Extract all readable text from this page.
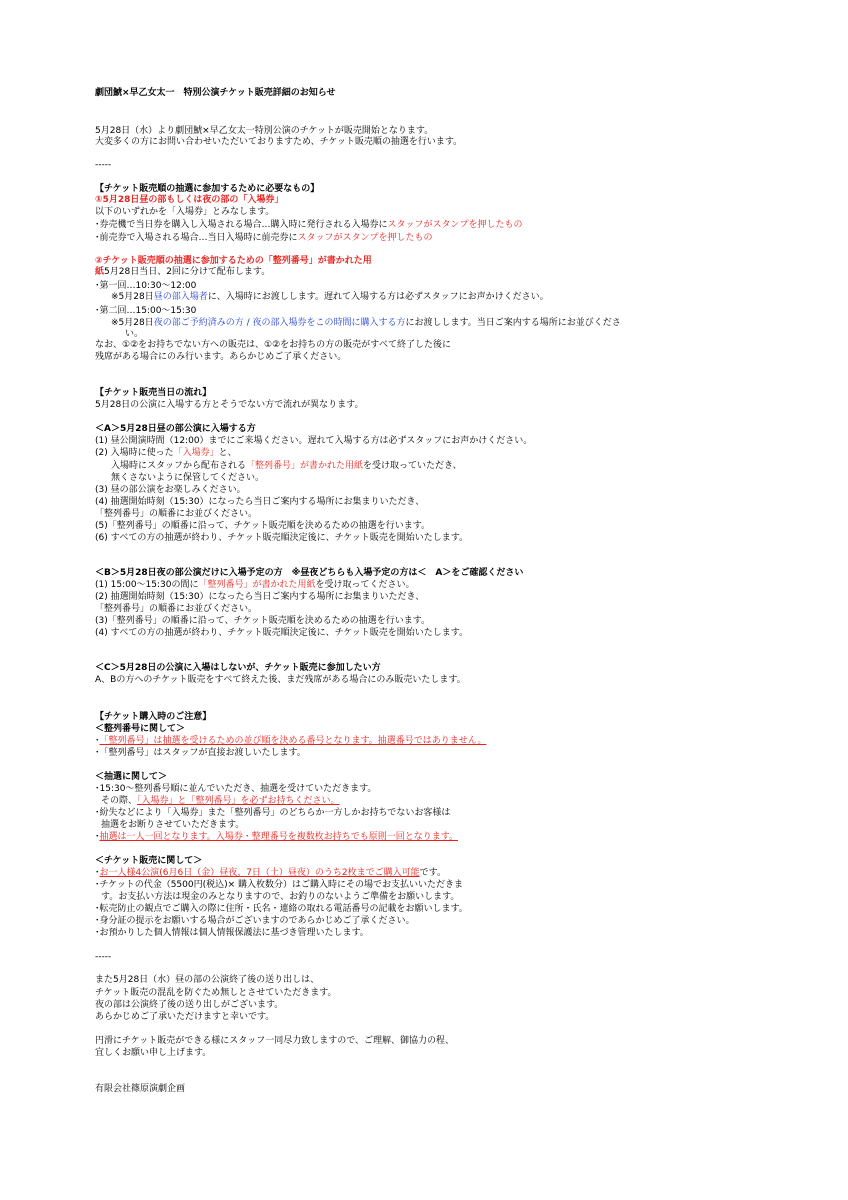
劇団鯱×早乙女太一　特別公演チケット販売詳細のお知らせ
5月28日（水）より劇団鯱×早乙女太一特別公演のチケットが販売開始となります。
大変多くの方にお問い合わせいただいておりますため、チケット販売順の抽選を行います。
-----
【チケット販売順の抽選に参加するために必要なもの】
①5月28日昼の部もしくは夜の部の「入場券」
以下のいずれかを「入場券」とみなします。
･券売機で当日券を購入し入場される場合…購入時に発行される入場券にスタッフがスタンプを押したもの
･前売券で入場される場合…当日入場時に前売券にスタッフがスタンプを押したもの
②チケット販売順の抽選に参加するための「整列番号」が書かれた用
紙5月28日当日、2回に分けて配布します。
･第一回…10:30～12:00
※5月28日昼の部入場者に、入場時にお渡しします。遅れて入場する方は必ずスタッフにお声かけください。
･第二回…15:00～15:30
※5月28日夜の部ご予約済みの方 / 夜の部入場券をこの時間に購入する方にお渡しします。当日ご案内する場所にお並びくださ
い。
なお、①②をお持ちでない方への販売は、①②をお持ちの方の販売がすべて終了した後に
残席がある場合にのみ行います。あらかじめご了承ください。
【チケット販売当日の流れ】
5月28日の公演に入場する方とそうでない方で流れが異なります。
＜A＞5月28日昼の部公演に入場する方
(1) 昼公開演時間（12:00）までにご来場ください。遅れて入場する方は必ずスタッフにお声かけください。
(2) 入場時に使った「入場券」と、
入場時にスタッフから配布される「整列番号」が書かれた用紙を受け取っていただき、
無くさないように保管してください。
(3) 昼の部公演をお楽しみください。
(4) 抽選開始時刻（15:30）になったら当日ご案内する場所にお集まりいただき、
「整列番号」の順番にお並びください。
(5)「整列番号」の順番に沿って、チケット販売順を決めるための抽選を行います。
(6) すべての方の抽選が終わり、チケット販売順決定後に、チケット販売を開始いたします。
＜B＞5月28日夜の部公演だけに入場予定の方　※昼夜どちらも入場予定の方は＜　A＞をご確認ください
(1) 15:00～15:30の間に「整列番号」が書かれた用紙を受け取ってください。
(2) 抽選開始時刻（15:30）になったら当日ご案内する場所にお集まりいただき、
「整列番号」の順番にお並びください。
(3)「整列番号」の順番に沿って、チケット販売順を決めるための抽選を行います。
(4) すべての方の抽選が終わり、チケット販売順決定後に、チケット販売を開始いたします。
＜C＞5月28日の公演に入場はしないが、チケット販売に参加したい方
A、Bの方へのチケット販売をすべて終えた後、まだ残席がある場合にのみ販売いたします。
【チケット購入時のご注意】
＜整列番号に関して＞
･「整列番号」は抽選を受けるための並び順を決める番号となります。抽選番号ではありません。
･「整列番号」はスタッフが直接お渡しいたします。
＜抽選に関して＞
･15:30～整列番号順に並んでいただき、抽選を受けていただきます。
その際、「入場券」と「整列番号」を必ずお持ちください。
･紛失などにより「入場券」また「整列番号」のどちらか一方しかお持ちでないお客様は
抽選をお断りさせていただきます。
･抽選は一人一回となります。入場券・整理番号を複数枚お持ちでも原則一回となります。
＜チケット販売に関して＞
･お一人様4公演(6月6日（金）昼夜、7日（土）昼夜）のうち2枚までご購入可能です。
･チケットの代金（5500円(税込)× 購入枚数分）はご購入時にその場でお支払いいただきま
す。お支払い方法は現金のみとなりますので、お釣りのないようご準備をお願いします。
･転売防止の観点でご購入の際に住所・氏名・連絡の取れる電話番号の記載をお願いします。
･身分証の提示をお願いする場合がございますのであらかじめご了承ください。
･お預かりした個人情報は個人情報保護法に基づき管理いたします。
-----
また5月28日（水）昼の部の公演終了後の送り出しは、
チケット販売の混乱を防ぐため無しとさせていただきます。
夜の部は公演終了後の送り出しがございます。
あらかじめご了承いただけますと幸いです。
円滑にチケット販売ができる様にスタッフ一同尽力致しますので、ご理解、御協力の程、
宜しくお願い申し上げます。
有限会社篠原演劇企画
